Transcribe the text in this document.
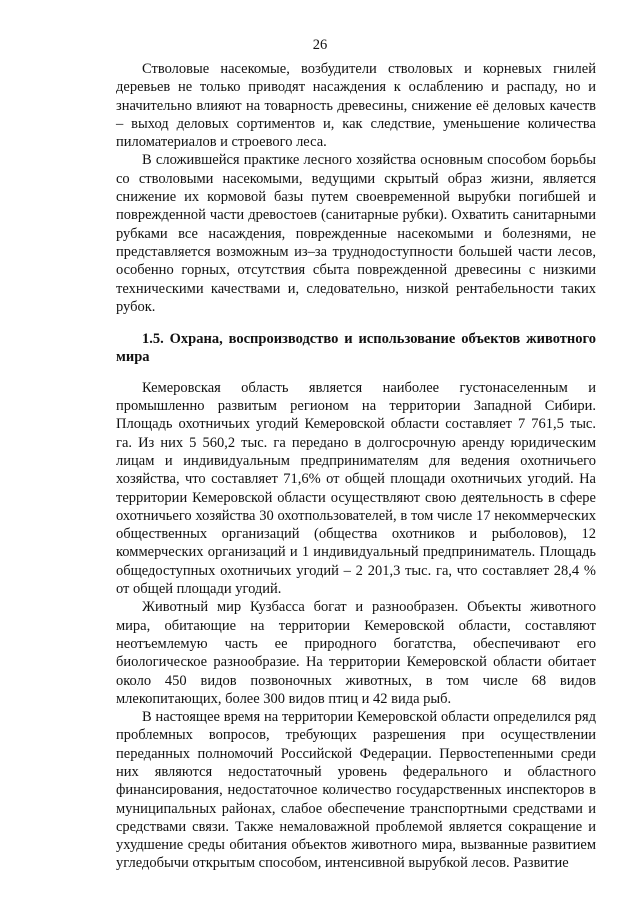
26

Стволовые насекомые, возбудители стволовых и корневых гнилей деревьев не только приводят насаждения к ослаблению и распаду, но и значительно влияют на товарность древесины, снижение её деловых качеств – выход деловых сортиментов и, как следствие, уменьшение количества пиломатериалов и строевого леса.

В сложившейся практике лесного хозяйства основным способом борьбы со стволовыми насекомыми, ведущими скрытый образ жизни, является снижение их кормовой базы путем своевременной вырубки погибшей и поврежденной части древостоев (санитарные рубки). Охватить санитарными рубками все насаждения, поврежденные насекомыми и болезнями, не представляется возможным из–за труднодоступности большей части лесов, особенно горных, отсутствия сбыта поврежденной древесины с низкими техническими качествами и, следовательно, низкой рентабельности таких рубок.

1.5. Охрана, воспроизводство и использование объектов животного мира

Кемеровская область является наиболее густонаселенным и промышленно развитым регионом на территории Западной Сибири. Площадь охотничьих угодий Кемеровской области составляет 7 761,5 тыс. га. Из них 5 560,2 тыс. га передано в долгосрочную аренду юридическим лицам и индивидуальным предпринимателям для ведения охотничьего хозяйства, что составляет 71,6% от общей площади охотничьих угодий. На территории Кемеровской области осуществляют свою деятельность в сфере охотничьего хозяйства 30 охотпользователей, в том числе 17 некоммерческих общественных организаций (общества охотников и рыболовов), 12 коммерческих организаций и 1 индивидуальный предприниматель. Площадь общедоступных охотничьих угодий – 2 201,3 тыс. га, что составляет 28,4 % от общей площади угодий.

Животный мир Кузбасса богат и разнообразен. Объекты животного мира, обитающие на территории Кемеровской области, составляют неотъемлемую часть ее природного богатства, обеспечивают его биологическое разнообразие. На территории Кемеровской области обитает около 450 видов позвоночных животных, в том числе 68 видов млекопитающих, более 300 видов птиц и 42 вида рыб.

В настоящее время на территории Кемеровской области определился ряд проблемных вопросов, требующих разрешения при осуществлении переданных полномочий Российской Федерации. Первостепенными среди них являются недостаточный уровень федерального и областного финансирования, недостаточное количество государственных инспекторов в муниципальных районах, слабое обеспечение транспортными средствами и средствами связи. Также немаловажной проблемой является сокращение и ухудшение среды обитания объектов животного мира, вызванные развитием угледобычи открытым способом, интенсивной вырубкой лесов. Развитие
